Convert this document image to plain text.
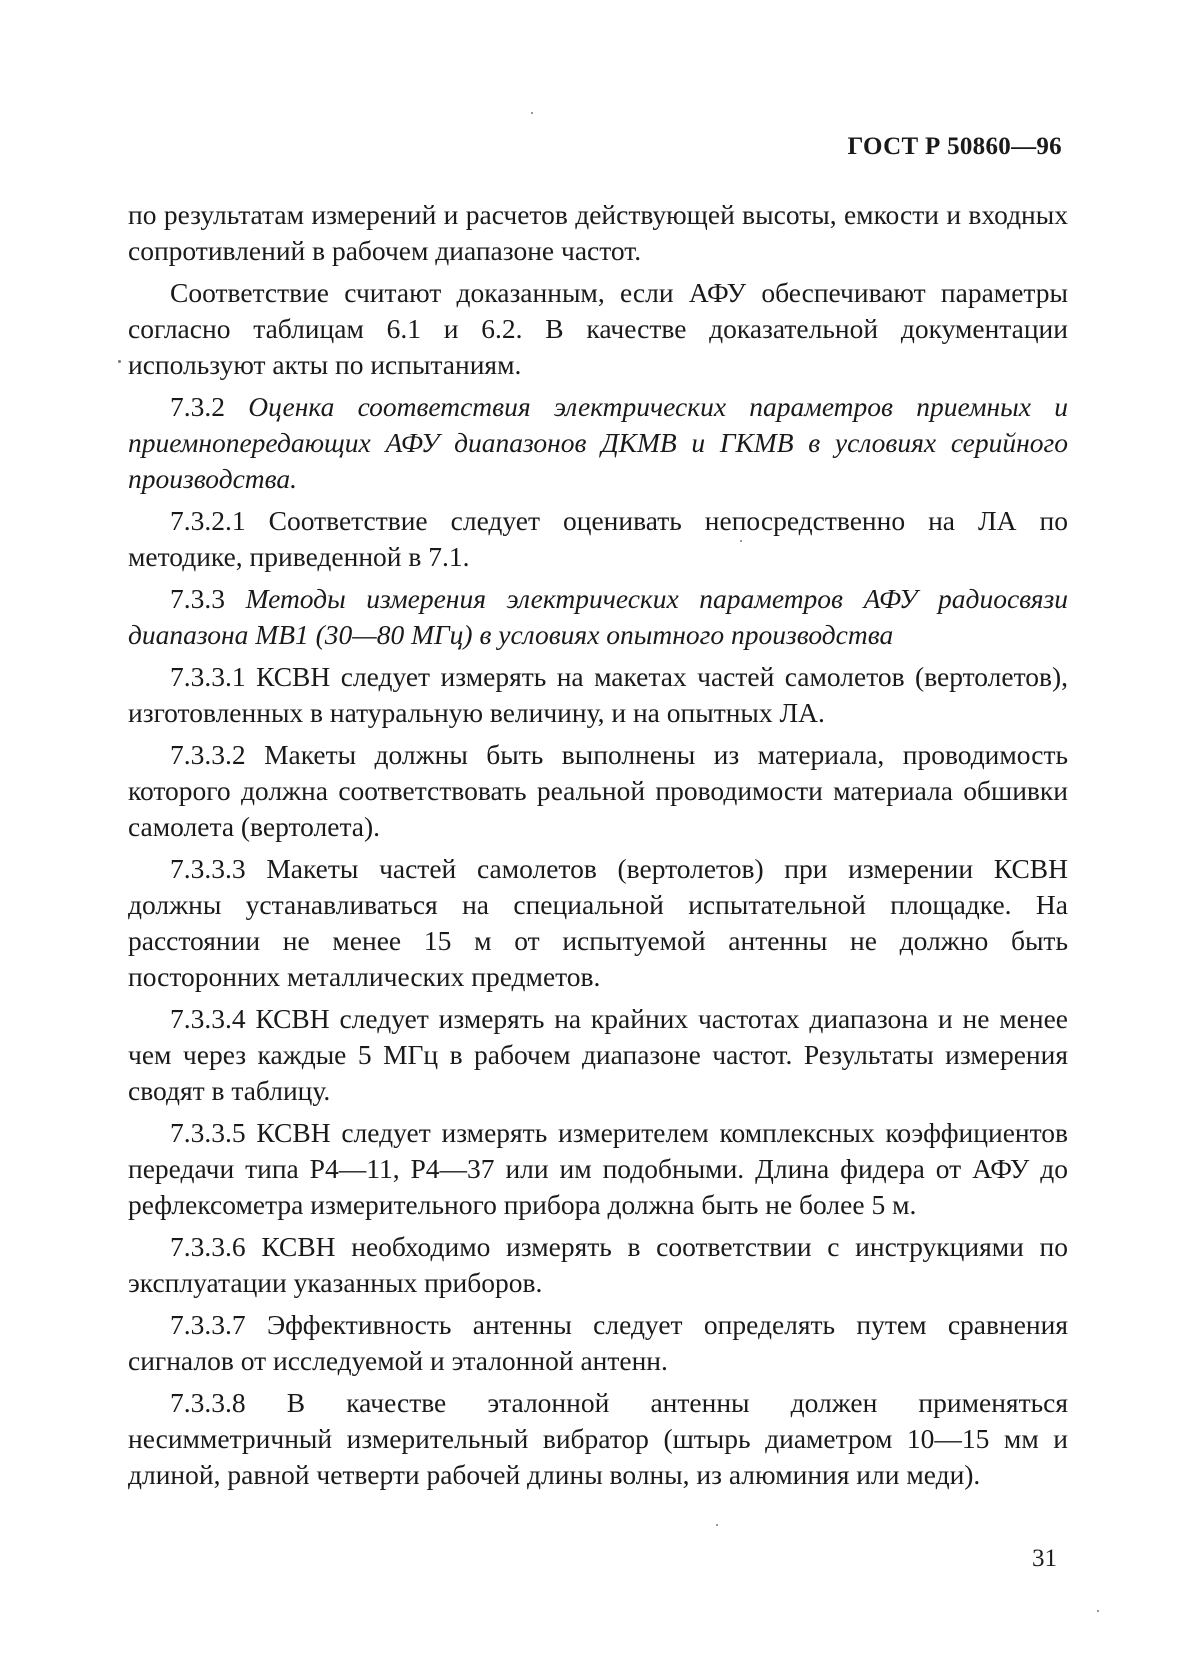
ГОСТ Р 50860—96

по результатам измерений и расчетов действующей высоты, емкости и входных сопротивлений в рабочем диапазоне частот.

Соответствие считают доказанным, если АФУ обеспечивают параметры согласно таблицам 6.1 и 6.2. В качестве доказательной документации используют акты по испытаниям.

7.3.2 Оценка соответствия электрических параметров приемных и приемнопередающих АФУ диапазонов ДКМВ и ГКМВ в условиях серийного производства.

7.3.2.1 Соответствие следует оценивать непосредственно на ЛА по методике, приведенной в 7.1.

7.3.3 Методы измерения электрических параметров АФУ радиосвязи диапазона МВ1 (30—80 МГц) в условиях опытного производства

7.3.3.1 КСВН следует измерять на макетах частей самолетов (вертолетов), изготовленных в натуральную величину, и на опытных ЛА.

7.3.3.2 Макеты должны быть выполнены из материала, проводимость которого должна соответствовать реальной проводимости материала обшивки самолета (вертолета).

7.3.3.3 Макеты частей самолетов (вертолетов) при измерении КСВН должны устанавливаться на специальной испытательной площадке. На расстоянии не менее 15 м от испытуемой антенны не должно быть посторонних металлических предметов.

7.3.3.4 КСВН следует измерять на крайних частотах диапазона и не менее чем через каждые 5 МГц в рабочем диапазоне частот. Результаты измерения сводят в таблицу.

7.3.3.5 КСВН следует измерять измерителем комплексных коэффициентов передачи типа Р4—11, Р4—37 или им подобными. Длина фидера от АФУ до рефлексометра измерительного прибора должна быть не более 5 м.

7.3.3.6 КСВН необходимо измерять в соответствии с инструкциями по эксплуатации указанных приборов.

7.3.3.7 Эффективность антенны следует определять путем сравнения сигналов от исследуемой и эталонной антенн.

7.3.3.8 В качестве эталонной антенны должен применяться несимметричный измерительный вибратор (штырь диаметром 10—15 мм и длиной, равной четверти рабочей длины волны, из алюминия или меди).

31
